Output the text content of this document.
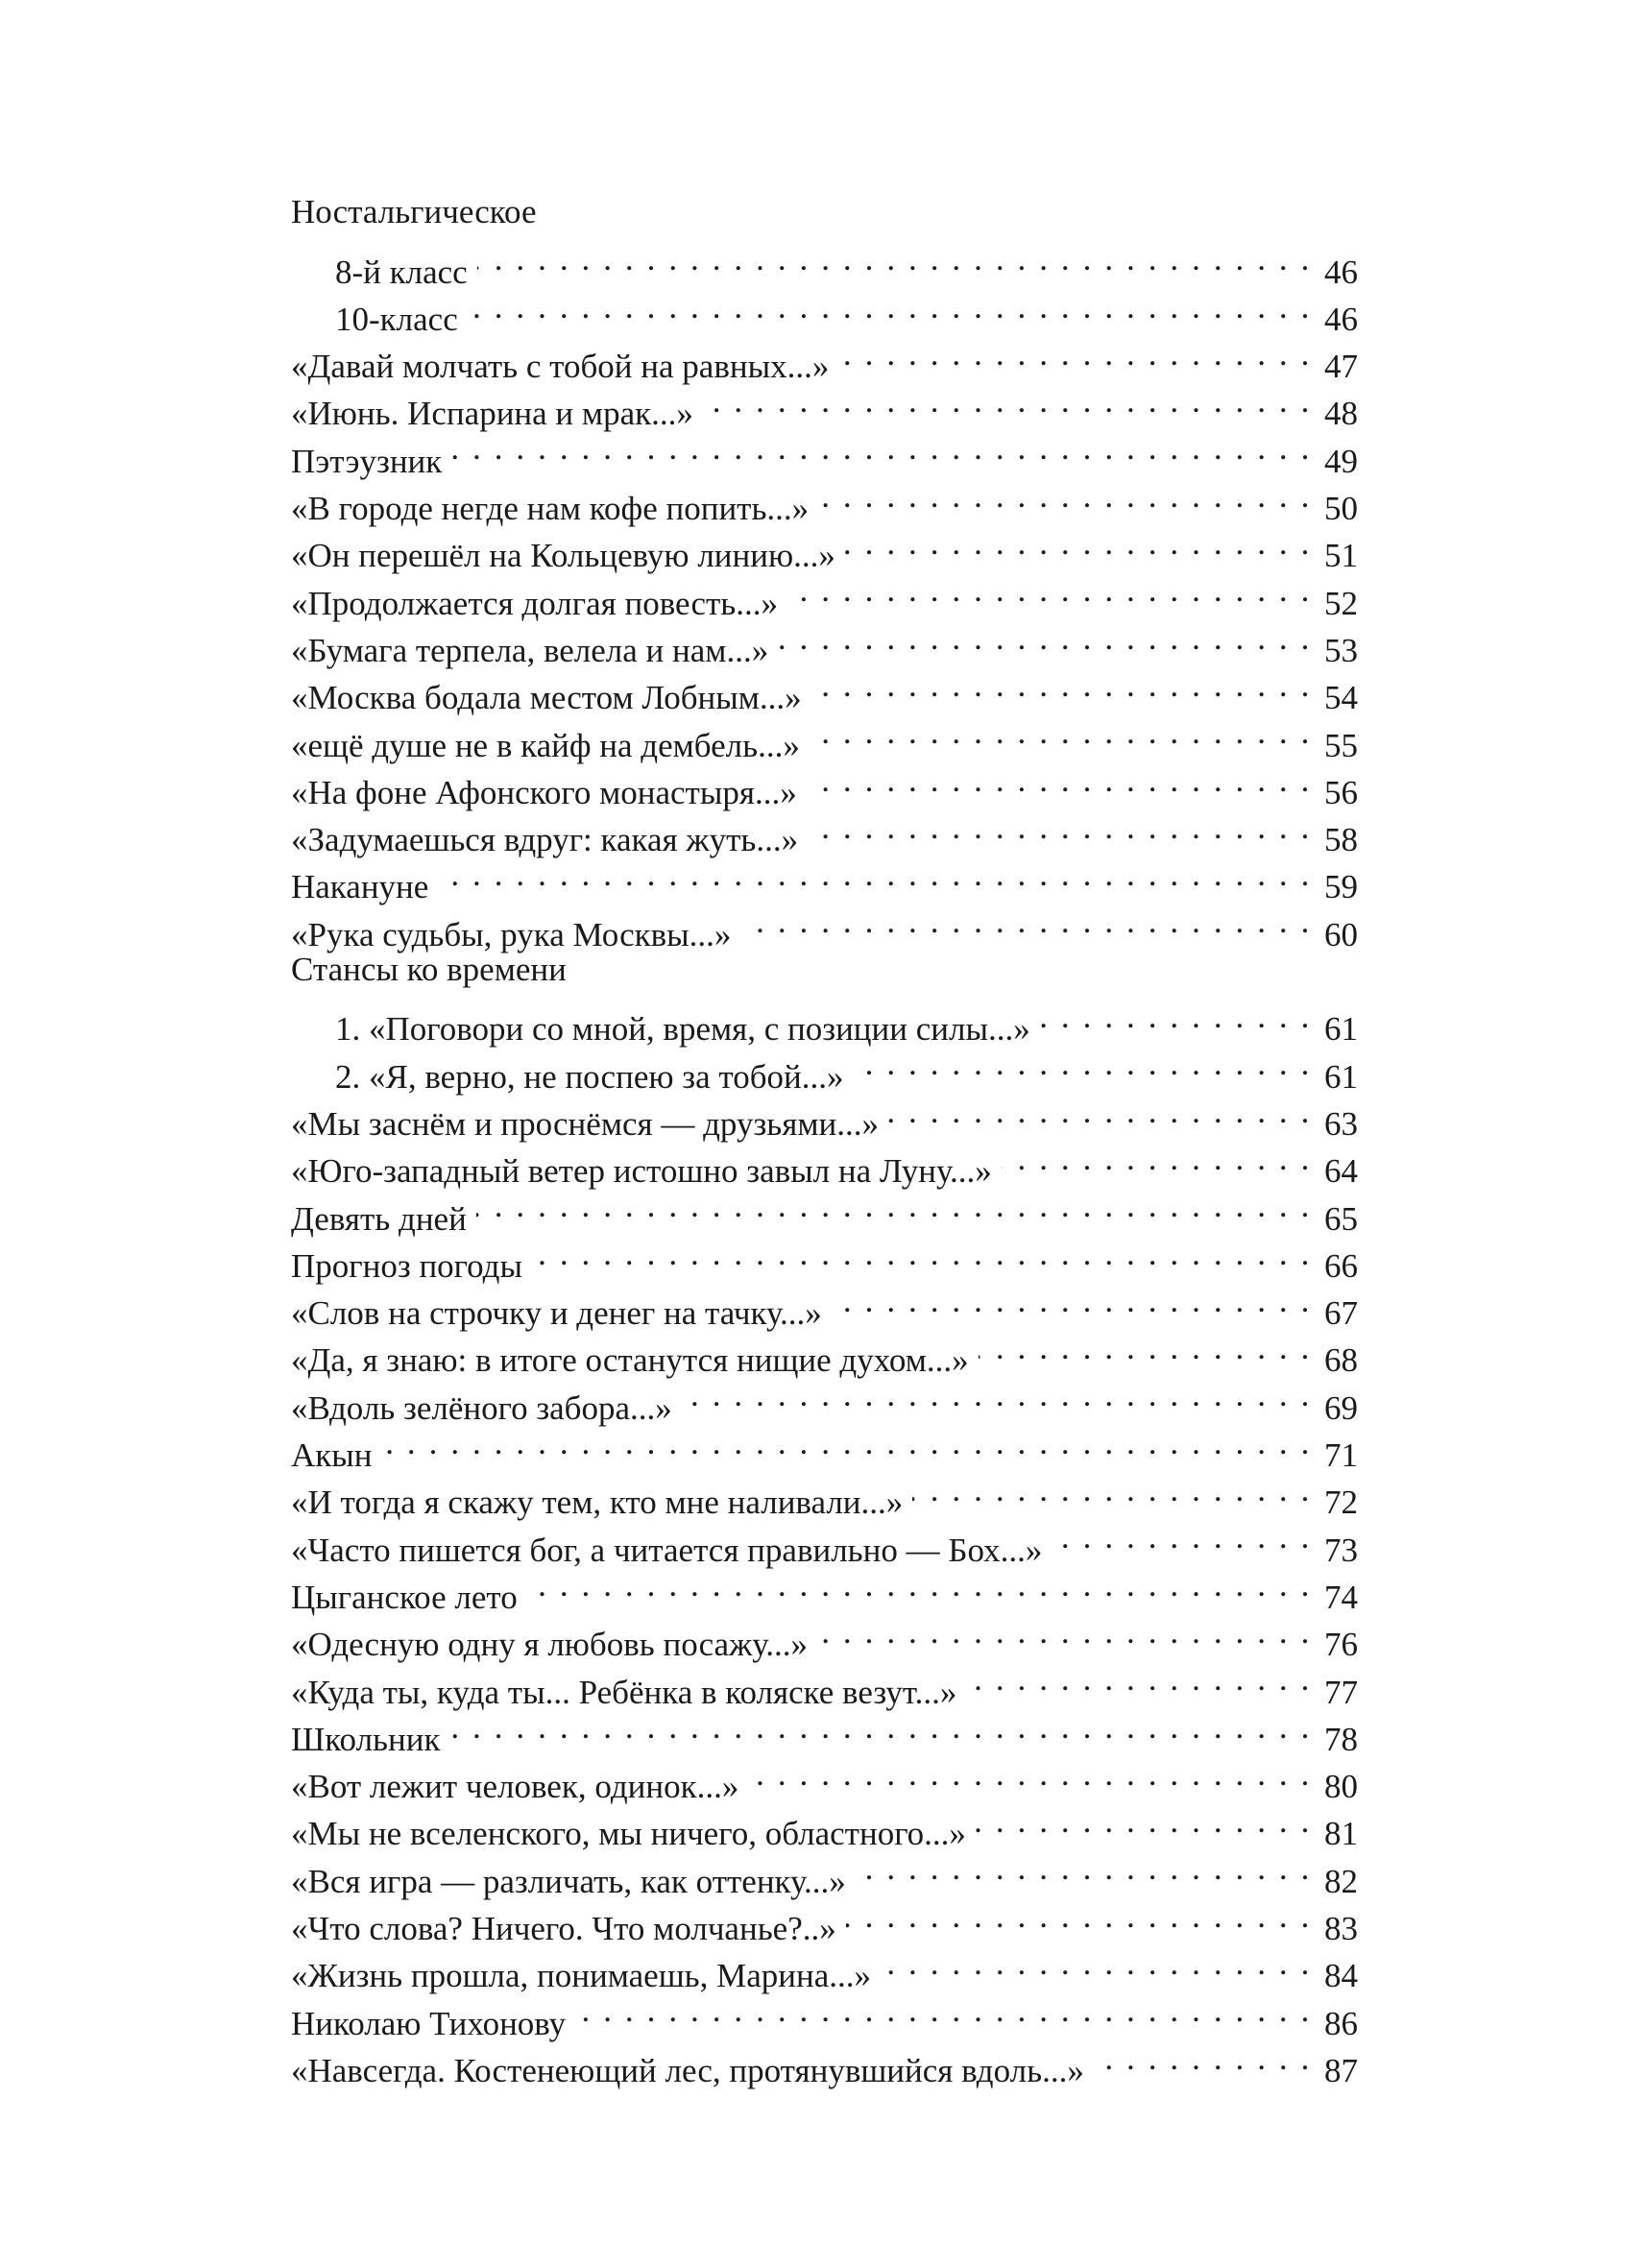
Ностальгическое
8-й класс . . .	46
10-класс . . .	46
«Давай молчать с тобой на равных...» . . .	47
«Июнь. Испарина и мрак...» . . .	48
Пэтэузник . . .	49
«В городе негде нам кофе попить...» . . .	50
«Он перешёл на Кольцевую линию...» . . .	51
«Продолжается долгая повесть...» . . .	52
«Бумага терпела, велела и нам...» . . .	53
«Москва бодала местом Лобным...» . . .	54
«ещё душе не в кайф на дембель...» . . .	55
«На фоне Афонского монастыря...» . . .	56
«Задумаешься вдруг: какая жуть...» . . .	58
Накануне . . .	59
«Рука судьбы, рука Москвы...» . . .	60
Стансы ко времени
1. «Поговори со мной, время, с позиции силы...» . . .	61
2. «Я, верно, не поспею за тобой...» . . .	61
«Мы заснём и проснёмся — друзьями...» . . .	63
«Юго-западный ветер истошно завыл на Луну...» . . .	64
Девять дней . . .	65
Прогноз погоды . . .	66
«Слов на строчку и денег на тачку...» . . .	67
«Да, я знаю: в итоге останутся нищие духом...» . . .	68
«Вдоль зелёного забора...» . . .	69
Акын . . .	71
«И тогда я скажу тем, кто мне наливали...» . . .	72
«Часто пишется бог, а читается правильно — Бох...» . . .	73
Цыганское лето . . .	74
«Одесную одну я любовь посажу...» . . .	76
«Куда ты, куда ты... Ребёнка в коляске везут...» . . .	77
Школьник . . .	78
«Вот лежит человек, одинок...» . . .	80
«Мы не вселенского, мы ничего, областного...» . . .	81
«Вся игра — различать, как оттенку...» . . .	82
«Что слова? Ничего. Что молчанье?..» . . .	83
«Жизнь прошла, понимаешь, Марина...» . . .	84
Николаю Тихонову . . .	86
«Навсегда. Костенеющий лес, протянувшийся вдоль...» . . .	87
